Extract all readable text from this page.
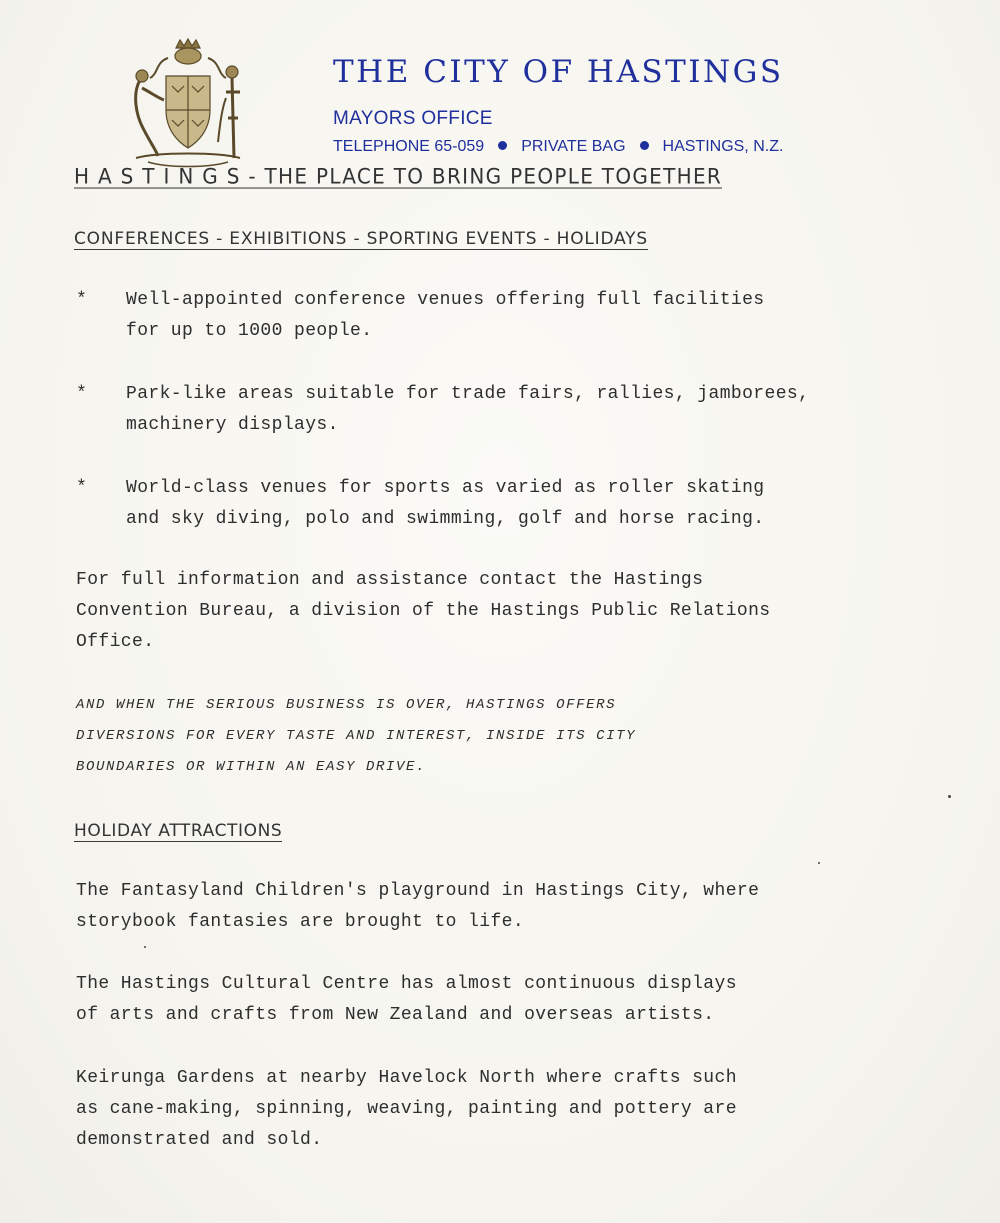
THE CITY OF HASTINGS
MAYORS OFFICE
TELEPHONE 65-059 PRIVATE BAG HASTINGS, N.Z.
H A S T I N G S - THE PLACE TO BRING PEOPLE TOGETHER
CONFERENCES - EXHIBITIONS - SPORTING EVENTS - HOLIDAYS
* Well-appointed conference venues offering full facilities
for up to 1000 people.
* Park-like areas suitable for trade fairs, rallies, jamborees,
machinery displays.
* World-class venues for sports as varied as roller skating
and sky diving, polo and swimming, golf and horse racing.
For full information and assistance contact the Hastings
Convention Bureau, a division of the Hastings Public Relations
Office.
AND WHEN THE SERIOUS BUSINESS IS OVER, HASTINGS OFFERS
DIVERSIONS FOR EVERY TASTE AND INTEREST, INSIDE ITS CITY
BOUNDARIES OR WITHIN AN EASY DRIVE.
HOLIDAY ATTRACTIONS
The Fantasyland Children's playground in Hastings City, where
storybook fantasies are brought to life.
The Hastings Cultural Centre has almost continuous displays
of arts and crafts from New Zealand and overseas artists.
Keirunga Gardens at nearby Havelock North where crafts such
as cane-making, spinning, weaving, painting and pottery are
demonstrated and sold.
